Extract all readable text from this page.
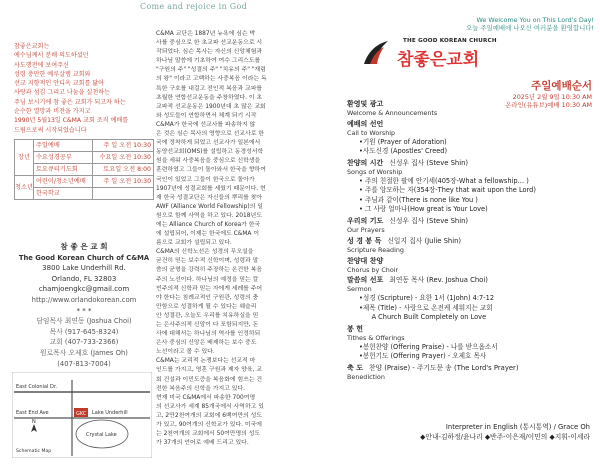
Come and rejoice in God
참좋은교회는
예수님께서 분배 의도하셨던
사도행전에 보여주신
성령 충만한 예루살렘 교회와
선교 지향적인 안디옥 교회를 닮아
사랑과 섬김 그리고 나눔을 실천하는
주님 보시기에 참 좋은 교회가 되고자 하는
순수한 열망과 비전을 가지고
1990년 5월13일 C&MA 교회 조직 예배를
드림으로써 시작되었습니다
장년	주일예배	주 일 오전 10:30
	수요성경공부	수요일 오전 10:30
	토요큐티기도회	토요일 오전 8:00
청소년	어린이/청소년예배	주 일 오전 10:30
	한국학교	
참 좋 은 교 회
The Good Korean Church of C&MA
3800 Lake Underhill Rd.
Orlando, FL 32803
chamjoengkc@gmail.com
http://www.orlandokorean.com
* * *
담임목사 최연동 (Joshua Choi)
목사 (917-645-8324)
교회 (407-733-2366)
원로목사 오제호 (James Oh)
(407-813-7004)
GKC
East Colonial Dr.
Lake Underhill
East End Ave
Crystal Lake
Schematic Map
N
C&MA 교단은 1887년 뉴욕에 심슨 박
사를 중심으로 한 초교파 선교운동으로 시
작되었다. 심슨 목사는 자신의 신앙체험과
하나님 말씀에 기초하여 여수 그리스도를
"구원의 주" "성결의 주" "치유의 주" "재림
의 왕" 이라고 고백하는 사중복음 이라는 독
특한 구호를 내걸고 전인적 복음과 교파를
초월한 연합선교운동을 주창하였다. 이 초
교파적 선교운동은 1900년대 초 많은 교회
와 성도들이 연합하면서 체계 되기 시작
C&MA가 한국에 선교사를 파송하지 않
은 것은 심슨 목사의 영향으로 선교사로 한
국에 정착하게 되었고 선교사가 일본에서
동양선교회(OMS)를 설립하고 동경성서학
원을 세워 사중복음을 중심으로 신학생을
훈련하였고 그들이 돌아와서 한국을 향하여
국인이 있었고 그들이 한국으로 돌아가
1907년에 성결교회를 세웠기 때문이다. 현
재 한국 성결교단은 자신들의 뿌리를 찾아
AWF (Alliance World Fellowship)의 일
원으로 함께 사역을 하고 있다. 2018년도
에는 Alliance Church of Korea가 한국
에 설립되어, 이제는 한국에도 C&MA 이
름으로 교회가 설립되고 있다.
C&MA의 신학노선은 성경의 무오설을
굳건히 믿는 보수적 신학이며, 성령과 말
씀의 균형을 강력히 주장하는 온건한 복음
주의 노선이다. 하나님의 예정을 믿는 칼
빈주의적 신학과 믿는 자에게 세례를 주어
야 한다는 침례교적인 구원관, 성령의 충
만함으로 성결하게 될 수 있다는 웨슬리
안 성결관, 오늘도 우리를 치유하실을 믿
는 은사주의적 신앙이 다 포함되지만, 돈
사에 대해서는 하나님의 역사를 인정하되
은사 중심의 신앙은 배제하는 보수 중도
노선이라고 볼 수 있다.
C&MA는 교리적 논쟁보다는 선교적 마
인드를 가지고, 영혼 구원과 제자 양육, 교
회 건설과 이민도증을 복음화에 힘쓰는 건
전한 복음주의 신학을 가지고 있다.
현재 미국 C&MA에서 파송한 700여명
의 선교사가 세계 85개국에서 사역하고 있
고, 2만2천여개의 교회에 6백여만의 성도
가 있고, 90여개의 신학교가 있다. 미국에
는 2천여개의 교회에서 50여만명의 성도
가 37개의 언어로 예배 드리고 있다.
We Welcome You on This Lord's Day!
오늘 주일예배에 나오신 여러분을 환영합니다!
THE GOOD KOREAN CHURCH
참좋은교회
주일예배순서
2025년 2월 9일 10:30 AM
온라인(유튜브)예배 10:30 AM
환영및 광고
Welcome & Announcements
예배의 선언
Call to Worship
•기원 (Prayer of Adoration)
•사도신경 (Apostles' Creed)
찬양의 시간 신성우 집사 (Steve Shin)
Songs of Worship
• 주의 친절한 팔에 안기세(405장-What a fellowship… )
• 주를 앙모하는 자(354장-They that wait upon the Lord)
• 주님과 같이(There is none like You )
• 그 사랑 얼마나(How great is Your Love)
우리의 기도 신성우 집사 (Steve Shin)
Our Prayers
성 경 봉 독 신일지 집사 (Julie Shin)
Scripture Reading
찬양대 찬양
Chorus by Choir
말씀의 선포 최연동 목사 (Rev. Joshua Choi)
Sermon
•성경 (Scripture) - 요한 1서 (1John) 4:7-12
•제목 (Title) - 사랑으로 온전케 세워지는 교회
A Church Built Completely on Love
봉 헌
Tithes & Offerings
•봉헌찬양 (Offering Praise) - 나를 받으옵소서
•봉헌기도 (Offering Prayer) - 오제호 목사
축 도 찬양 (Praise) - 주기도문 송 (The Lord's Prayer)
Benediction
Interpreter in English (통시통역) / Grace Oh
◆안내-김하정/윤나리 ◆반주-이은재/이민의 ◆지휘-이세라
